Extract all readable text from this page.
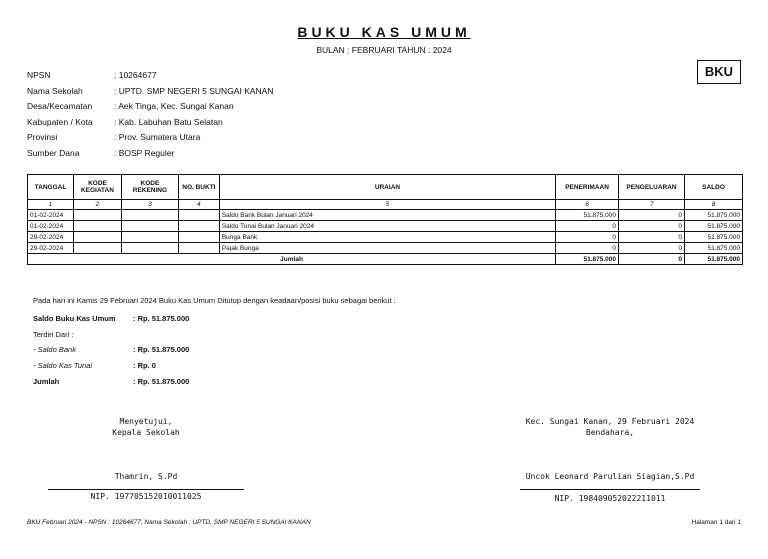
BUKU KAS UMUM
BULAN : FEBRUARI TAHUN : 2024
BKU
NPSN	: 10264677
Nama Sekolah	: UPTD. SMP NEGERI 5 SUNGAI KANAN
Desa/Kecamatan	: Aek Tinga, Kec. Sungai Kanan
Kabupaten / Kota	: Kab. Labuhan Batu Selatan
Provinsi	: Prov. Sumatera Utara
Sumber Dana	: BOSP Reguler
TANGGAL	KODE KEGIATAN	KODE REKENING	NO. BUKTI	URAIAN	PENERIMAAN	PENGELUARAN	SALDO
1	2	3	4	5	6	7	8
01-02-2024				Saldo Bank Bulan Januari 2024	51.875.000	0	51.875.000
01-02-2024				Saldo Tunai Bulan Januari 2024	0	0	51.875.000
29-02-2024				Bunga Bank	0	0	51.875.000
29-02-2024				Pajak Bunga	0	0	51.875.000
Jumlah					51.875.000	0	51.875.000
Pada hari ini Kamis 29 Februari 2024 Buku Kas Umum Ditutup dengan keadaan/posisi buku sebagai berikut :
Saldo Buku Kas Umum : Rp. 51.875.000
Terdiri Dari :
- Saldo Bank	: Rp. 51.875.000
- Saldo Kas Tunai	: Rp. 0
Jumlah	: Rp. 51.875.000
Menyetujui,
Kepala Sekolah
Thamrin, S.Pd
NIP. 197705152010011025
Kec. Sungai Kanan, 29 Februari 2024
Bendahara,
Uncok Leonard Parulian Siagian,S.Pd
NIP. 198409052022211011
BKU Februari 2024 - NPSN : 10264677, Nama Sekolah : UPTD. SMP NEGERI 5 SUNGAI KANAN	Halaman 1 dari 1
